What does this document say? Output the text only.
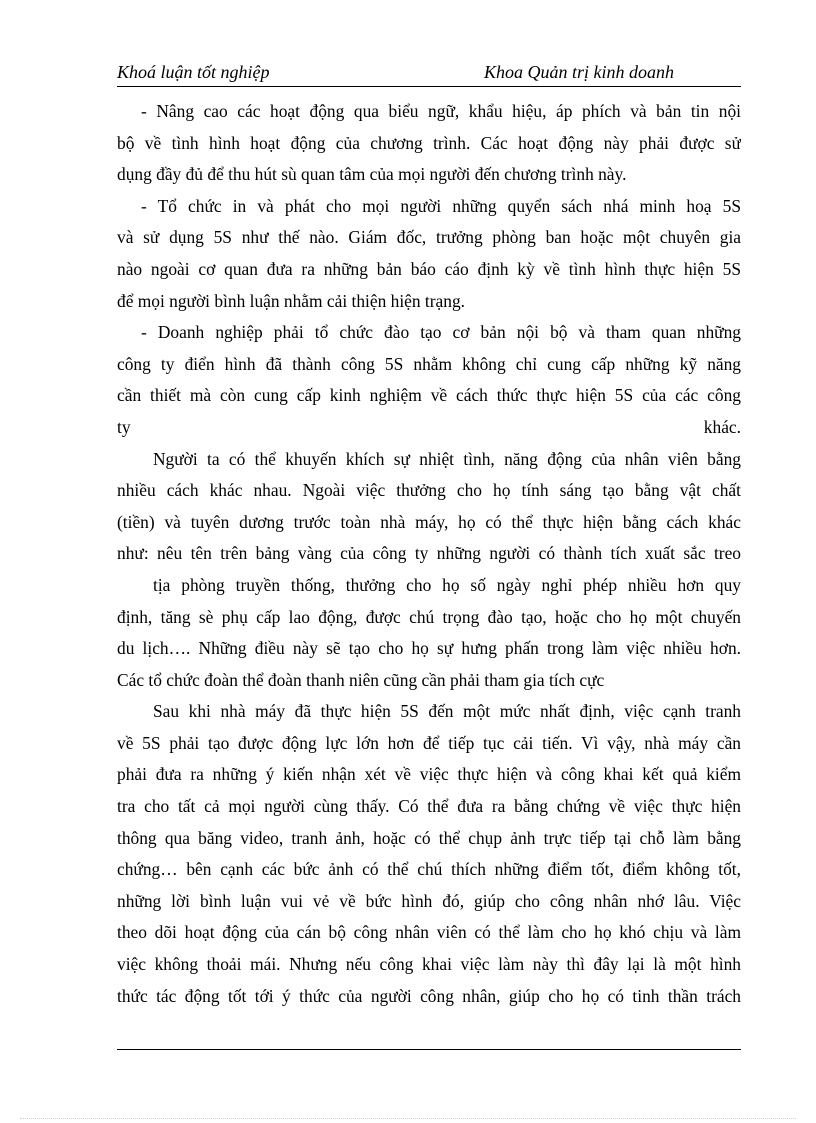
Khoá luận tốt nghiệp	Khoa Quản trị kinh doanh
- Nâng cao các hoạt động qua biểu ngữ, khẩu hiệu, áp phích và bản tin nội
bộ về tình hình hoạt động của chương trình. Các hoạt động này phải được sử
dụng đầy đủ để thu hút sù quan tâm của mọi người đến chương trình này.
- Tổ chức in và phát cho mọi người những quyển sách nhá minh hoạ 5S
và sử dụng 5S như thế nào. Giám đốc, trưởng phòng ban hoặc một chuyên gia
nào ngoài cơ quan đưa ra những bản báo cáo định kỳ về tình hình thực hiện 5S
để mọi người bình luận nhằm cải thiện hiện trạng.
- Doanh nghiệp phải tổ chức đào tạo cơ bản nội bộ và tham quan những
công ty điển hình đã thành công 5S nhằm không chỉ cung cấp những kỹ năng
cần thiết mà còn cung cấp kinh nghiệm về cách thức thực hiện 5S của các công
ty khác.
Người ta có thể khuyến khích sự nhiệt tình, năng động của nhân viên bằng
nhiều cách khác nhau. Ngoài việc thưởng cho họ tính sáng tạo bằng vật chất
(tiền) và tuyên dương trước toàn nhà máy, họ có thể thực hiện bằng cách khác
như: nêu tên trên bảng vàng của công ty những người có thành tích xuất sắc treo
tịa phòng truyền thống, thưởng cho họ số ngày nghỉ phép nhiều hơn quy
định, tăng sè phụ cấp lao động, được chú trọng đào tạo, hoặc cho họ một chuyến
du lịch…. Những điều này sẽ tạo cho họ sự hưng phấn trong làm việc nhiều hơn.
Các tổ chức đoàn thể đoàn thanh niên cũng cần phải tham gia tích cực
Sau khi nhà máy đã thực hiện 5S đến một mức nhất định, việc cạnh tranh
về 5S phải tạo được động lực lớn hơn để tiếp tục cải tiến. Vì vậy, nhà máy cần
phải đưa ra những ý kiến nhận xét về việc thực hiện và công khai kết quả kiểm
tra cho tất cả mọi người cùng thấy. Có thể đưa ra bằng chứng về việc thực hiện
thông qua băng video, tranh ảnh, hoặc có thể chụp ảnh trực tiếp tại chỗ làm bằng
chứng… bên cạnh các bức ảnh có thể chú thích những điểm tốt, điểm không tốt,
những lời bình luận vui vẻ về bức hình đó, giúp cho công nhân nhớ lâu. Việc
theo dõi hoạt động của cán bộ công nhân viên có thể làm cho họ khó chịu và làm
việc không thoải mái. Nhưng nếu công khai việc làm này thì đây lại là một hình
thức tác động tốt tới ý thức của người công nhân, giúp cho họ có tinh thần trách
